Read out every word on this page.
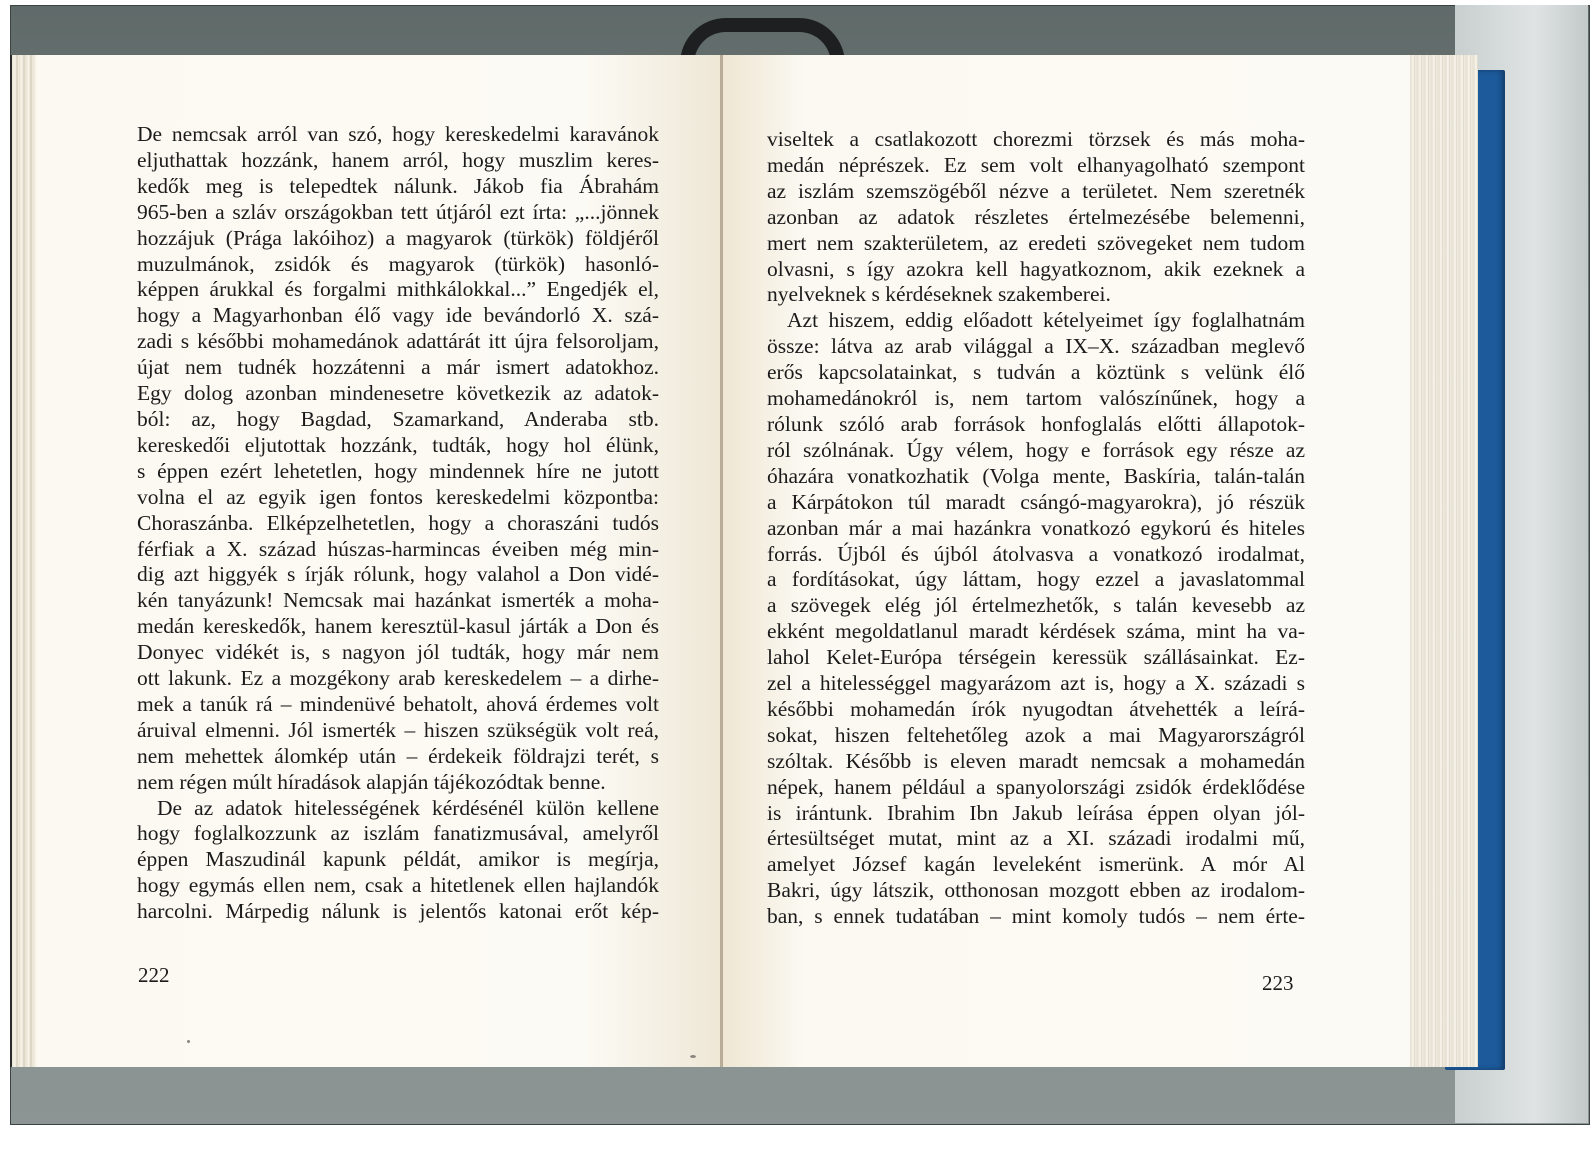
De nemcsak arról van szó, hogy kereskedelmi karavánok
eljuthattak hozzánk, hanem arról, hogy muszlim keres-
kedők meg is telepedtek nálunk. Jákob fia Ábrahám
965-ben a szláv országokban tett útjáról ezt írta: „...jönnek
hozzájuk (Prága lakóihoz) a magyarok (türkök) földjéről
muzulmánok, zsidók és magyarok (türkök) hasonló-
képpen árukkal és forgalmi mithkálokkal...” Engedjék el,
hogy a Magyarhonban élő vagy ide bevándorló X. szá-
zadi s későbbi mohamedánok adattárát itt újra felsoroljam,
újat nem tudnék hozzátenni a már ismert adatokhoz.
Egy dolog azonban mindenesetre következik az adatok-
ból: az, hogy Bagdad, Szamarkand, Anderaba stb.
kereskedői eljutottak hozzánk, tudták, hogy hol élünk,
s éppen ezért lehetetlen, hogy mindennek híre ne jutott
volna el az egyik igen fontos kereskedelmi központba:
Choraszánba. Elképzelhetetlen, hogy a choraszáni tudós
férfiak a X. század húszas-harmincas éveiben még min-
dig azt higgyék s írják rólunk, hogy valahol a Don vidé-
kén tanyázunk! Nemcsak mai hazánkat ismerték a moha-
medán kereskedők, hanem keresztül-kasul járták a Don és
Donyec vidékét is, s nagyon jól tudták, hogy már nem
ott lakunk. Ez a mozgékony arab kereskedelem – a dirhe-
mek a tanúk rá – mindenüvé behatolt, ahová érdemes volt
áruival elmenni. Jól ismerték – hiszen szükségük volt reá,
nem mehettek álomkép után – érdekeik földrajzi terét, s
nem régen múlt híradások alapján tájékozódtak benne.
De az adatok hitelességének kérdésénél külön kellene
hogy foglalkozzunk az iszlám fanatizmusával, amelyről
éppen Maszudinál kapunk példát, amikor is megírja,
hogy egymás ellen nem, csak a hitetlenek ellen hajlandók
harcolni. Márpedig nálunk is jelentős katonai erőt kép-
viseltek a csatlakozott chorezmi törzsek és más moha-
medán néprészek. Ez sem volt elhanyagolható szempont
az iszlám szemszögéből nézve a területet. Nem szeretnék
azonban az adatok részletes értelmezésébe belemenni,
mert nem szakterületem, az eredeti szövegeket nem tudom
olvasni, s így azokra kell hagyatkoznom, akik ezeknek a
nyelveknek s kérdéseknek szakemberei.
Azt hiszem, eddig előadott kételyeimet így foglalhatnám
össze: látva az arab világgal a IX–X. században meglevő
erős kapcsolatainkat, s tudván a köztünk s velünk élő
mohamedánokról is, nem tartom valószínűnek, hogy a
rólunk szóló arab források honfoglalás előtti állapotok-
ról szólnának. Úgy vélem, hogy e források egy része az
óhazára vonatkozhatik (Volga mente, Baskíria, talán-talán
a Kárpátokon túl maradt csángó-magyarokra), jó részük
azonban már a mai hazánkra vonatkozó egykorú és hiteles
forrás. Újból és újból átolvasva a vonatkozó irodalmat,
a fordításokat, úgy láttam, hogy ezzel a javaslatommal
a szövegek elég jól értelmezhetők, s talán kevesebb az
ekként megoldatlanul maradt kérdések száma, mint ha va-
lahol Kelet-Európa térségein keressük szállásainkat. Ez-
zel a hitelességgel magyarázom azt is, hogy a X. századi s
későbbi mohamedán írók nyugodtan átvehették a leírá-
sokat, hiszen feltehetőleg azok a mai Magyarországról
szóltak. Később is eleven maradt nemcsak a mohamedán
népek, hanem például a spanyolországi zsidók érdeklődése
is irántunk. Ibrahim Ibn Jakub leírása éppen olyan jól-
értesültséget mutat, mint az a XI. századi irodalmi mű,
amelyet József kagán leveleként ismerünk. A mór Al
Bakri, úgy látszik, otthonosan mozgott ebben az irodalom-
ban, s ennek tudatában – mint komoly tudós – nem érte-
222	223
